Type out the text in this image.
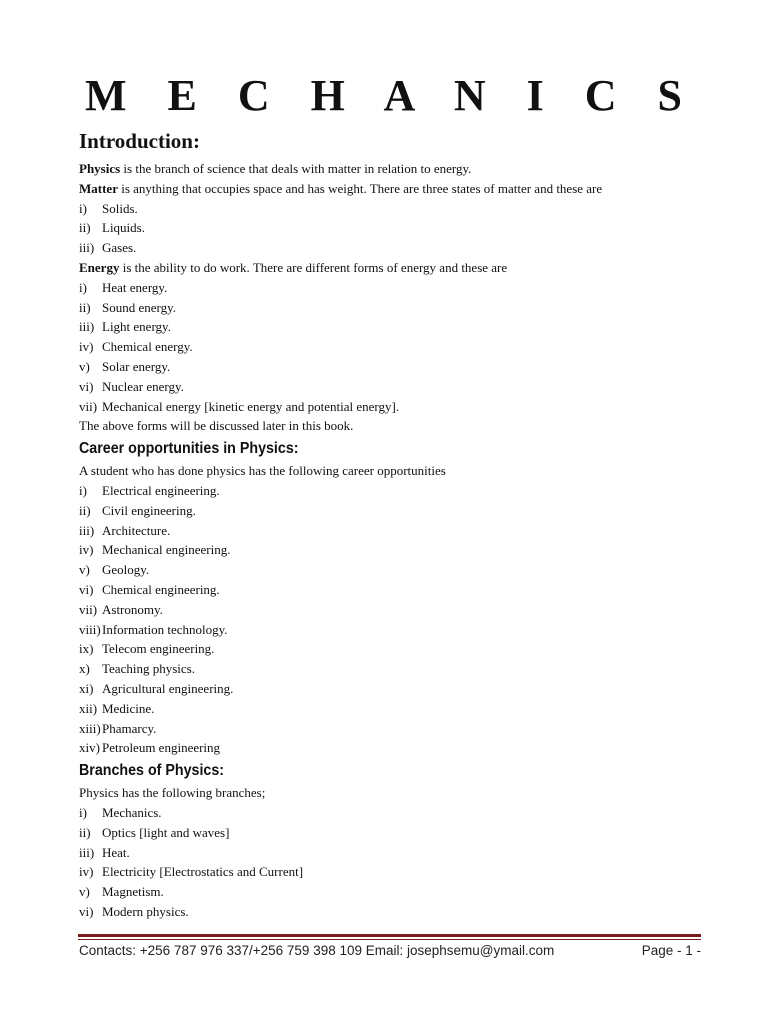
M E C H A N I C S
Introduction:
Physics is the branch of science that deals with matter in relation to energy.
Matter is anything that occupies space and has weight. There are three states of matter and these are
i)	Solids.
ii) Liquids.
iii) Gases.
Energy is the ability to do work. There are different forms of energy and these are
i)	Heat energy.
ii) Sound energy.
iii) Light energy.
iv) Chemical energy.
v) Solar energy.
vi) Nuclear energy.
vii) Mechanical energy [kinetic energy and potential energy].
The above forms will be discussed later in this book.
Career opportunities in Physics:
A student who has done physics has the following career opportunities
i)	Electrical engineering.
ii) Civil engineering.
iii) Architecture.
iv) Mechanical engineering.
v) Geology.
vi) Chemical engineering.
vii) Astronomy.
viii) Information technology.
ix) Telecom engineering.
x) Teaching physics.
xi) Agricultural engineering.
xii) Medicine.
xiii) Phamarcy.
xiv) Petroleum engineering
Branches of Physics:
Physics has the following branches;
i)	Mechanics.
ii) Optics [light and waves]
iii) Heat.
iv) Electricity [Electrostatics and Current]
v) Magnetism.
vi) Modern physics.
Contacts: +256 787 976 337/+256 759 398 109 Email: josephsemu@ymail.com	Page - 1 -
